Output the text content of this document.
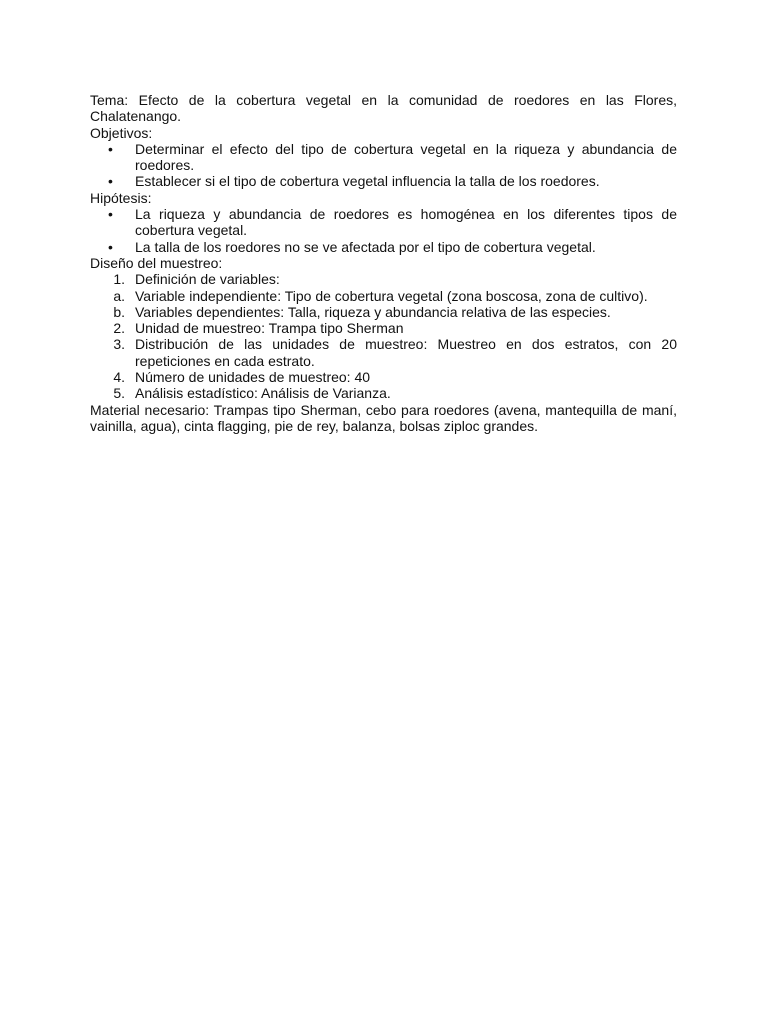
Tema: Efecto de la cobertura vegetal en la comunidad de roedores en las Flores, Chalatenango.

Objetivos:

• Determinar el efecto del tipo de cobertura vegetal en la riqueza y abundancia de roedores.
• Establecer si el tipo de cobertura vegetal influencia la talla de los roedores.

Hipótesis:

• La riqueza y abundancia de roedores es homogénea en los diferentes tipos de cobertura vegetal.
• La talla de los roedores no se ve afectada por el tipo de cobertura vegetal.

Diseño del muestreo:

1. Definición de variables:
a. Variable independiente: Tipo de cobertura vegetal (zona boscosa, zona de cultivo).
b. Variables dependientes: Talla, riqueza y abundancia relativa de las especies.
2. Unidad de muestreo: Trampa tipo Sherman
3. Distribución de las unidades de muestreo: Muestreo en dos estratos, con 20 repeticiones en cada estrato.
4. Número de unidades de muestreo: 40
5. Análisis estadístico: Análisis de Varianza.

Material necesario: Trampas tipo Sherman, cebo para roedores (avena, mantequilla de maní, vainilla, agua), cinta flagging, pie de rey, balanza, bolsas ziploc grandes.
